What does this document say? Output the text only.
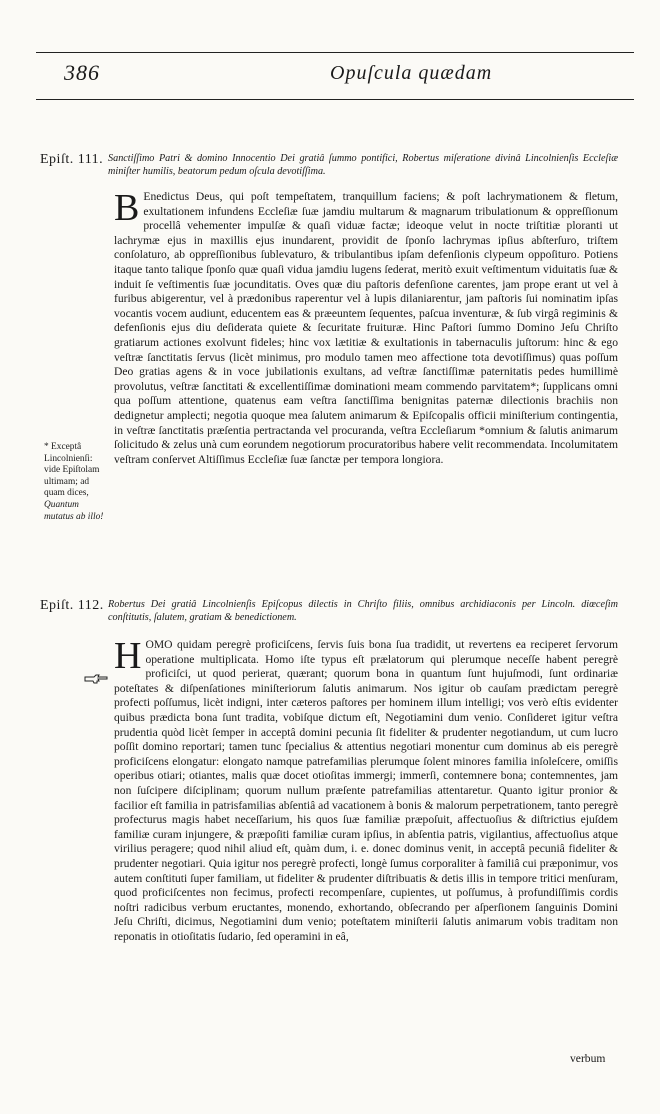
386	Opuſcula quædam
Epiſt. 111. Sanctiſſimo Patri & domino Innocentio Dei gratiâ ſummo pontifici, Robertus miſeratione divinâ Lincolnienſis Eccleſiæ miniſter humilis, beatorum pedum oſcula devotiſſima.

B Enedictus Deus, qui poſt tempeſtatem, tranquillum faciens; & poſt lachrymationem & fletum, exultationem infundens Eccleſiæ ſuæ jamdiu multarum & magnarum tribulationum & oppreſſionum procellâ vehementer impulſæ & quaſi viduæ factæ; ideoque velut in nocte triſtitiæ ploranti ut lachrymæ ejus in maxillis ejus inundarent, providit de ſponſo lachrymas ipſius abſterſuro, triſtem conſolaturo, ab oppreſſionibus ſublevaturo, & tribulantibus ipſam defenſionis clypeum oppoſituro. Potiens itaque tanto talique ſponſo quæ quaſi vidua jamdiu lugens ſederat, meritò exuit veſtimentum viduitatis ſuæ & induit ſe veſtimentis ſuæ jocunditatis. Oves quæ diu paſtoris defenſione carentes, jam prope erant ut vel à furibus abigerentur, vel à prædonibus raperentur vel à lupis dilaniarentur, jam paſtoris ſui nominatim ipſas vocantis vocem audiunt, educentem eas & præeuntem ſequentes, paſcua inventuræ, & ſub virgâ regiminis & defenſionis ejus diu deſiderata quiete & ſecuritate fruituræ. Hinc Paſtori ſummo Domino Jeſu Chriſto gratiarum actiones exolvunt fideles; hinc vox lætitiæ & exultationis in tabernaculis juſtorum: hinc & ego veſtræ ſanctitatis ſervus (licèt minimus, pro modulo tamen meo affectione tota devotiſſimus) quas poſſum Deo gratias agens & in voce jubilationis exultans, ad veſtræ ſanctiſſimæ paternitatis pedes humillimè provolutus, veſtræ ſanctitati & excellentiſſimæ dominationi meam commendo parvitatem*; ſupplicans omni qua poſſum attentione, quatenus eam veſtra ſanctiſſima benignitas paternæ dilectionis brachiis non dedignetur amplecti; negotia quoque mea ſalutem animarum & Epiſcopalis officii miniſterium contingentia, in veſtræ ſanctitatis præſentia pertractanda vel procuranda, veſtra Eccleſiarum *omnium & ſalutis animarum ſolicitudo & zelus unà cum eorundem negotiorum procuratoribus habere velit recommendata. Incolumitatem veſtram conſervet Altiſſimus Eccleſiæ ſuæ ſanctæ per tempora longiora.

* Exceptâ Lincolnienſi: vide Epiſtolam ultimam; ad quam dices, Quantum mutatus ab illo!
Epiſt. 112. Robertus Dei gratiâ Lincolnienſis Epiſcopus dilectis in Chriſto filiis, omnibus archidiaconis per Lincoln. diœceſim conſtitutis, ſalutem, gratiam & benedictionem.

H OMO quidam peregrè proficiſcens, ſervis ſuis bona ſua tradidit, ut revertens ea reciperet ſervorum operatione multiplicata. Homo iſte typus eſt prælatorum qui plerumque neceſſe habent peregrè proficiſci, ut quod perierat, quærant; quorum bona in quantum ſunt hujuſmodi, ſunt ordinariæ poteſtates & diſpenſationes miniſteriorum ſalutis animarum. Nos igitur ob cauſam prædictam peregrè profecti poſſumus, licèt indigni, inter cæteros paſtores per hominem illum intelligi; vos verò eſtis evidenter quibus prædicta bona ſunt tradita, vobiſque dictum eſt, Negotiamini dum venio. Conſideret igitur veſtra prudentia quòd licèt ſemper in acceptâ domini pecunia ſit fideliter & prudenter negotiandum, ut cum lucro poſſit domino reportari; tamen tunc ſpecialius & attentius negotiari monentur cum dominus ab eis peregrè proficiſcens elongatur: elongato namque patrefamilias plerumque ſolent minores familia inſoleſcere, omiſſis operibus otiari; otiantes, malis quæ docet otioſitas immergi; immerſi, contemnere bona; contemnentes, jam non ſuſcipere diſciplinam; quorum nullum præſente patrefamilias attentaretur. Quanto igitur pronior & facilior eſt familia in patrisfamilias abſentiâ ad vacationem à bonis & malorum perpetrationem, tanto peregrè profecturus magis habet neceſſarium, his quos ſuæ familiæ præpoſuit, affectuoſius & diſtrictius ejuſdem familiæ curam injungere, & præpoſiti familiæ curam ipſius, in abſentia patris, vigilantius, affectuoſius atque virilius peragere; quod nihil aliud eſt, quàm dum, i. e. donec dominus venit, in acceptâ pecuniâ fideliter & prudenter negotiari. Quia igitur nos peregrè profecti, longè ſumus corporaliter à familiâ cui præponimur, vos autem conſtituti ſuper familiam, ut fideliter & prudenter diſtribuatis & detis illis in tempore tritici menſuram, quod proficiſcentes non fecimus, profecti recompenſare, cupientes, ut poſſumus, à profundiſſimis cordis noſtri radicibus verbum eructantes, monendo, exhortando, obſecrando per aſperſionem ſanguinis Domini Jeſu Chriſti, dicimus, Negotiamini dum venio; poteſtatem miniſterii ſalutis animarum vobis traditam non reponatis in otioſitatis ſudario, ſed operamini in eâ,

verbum
